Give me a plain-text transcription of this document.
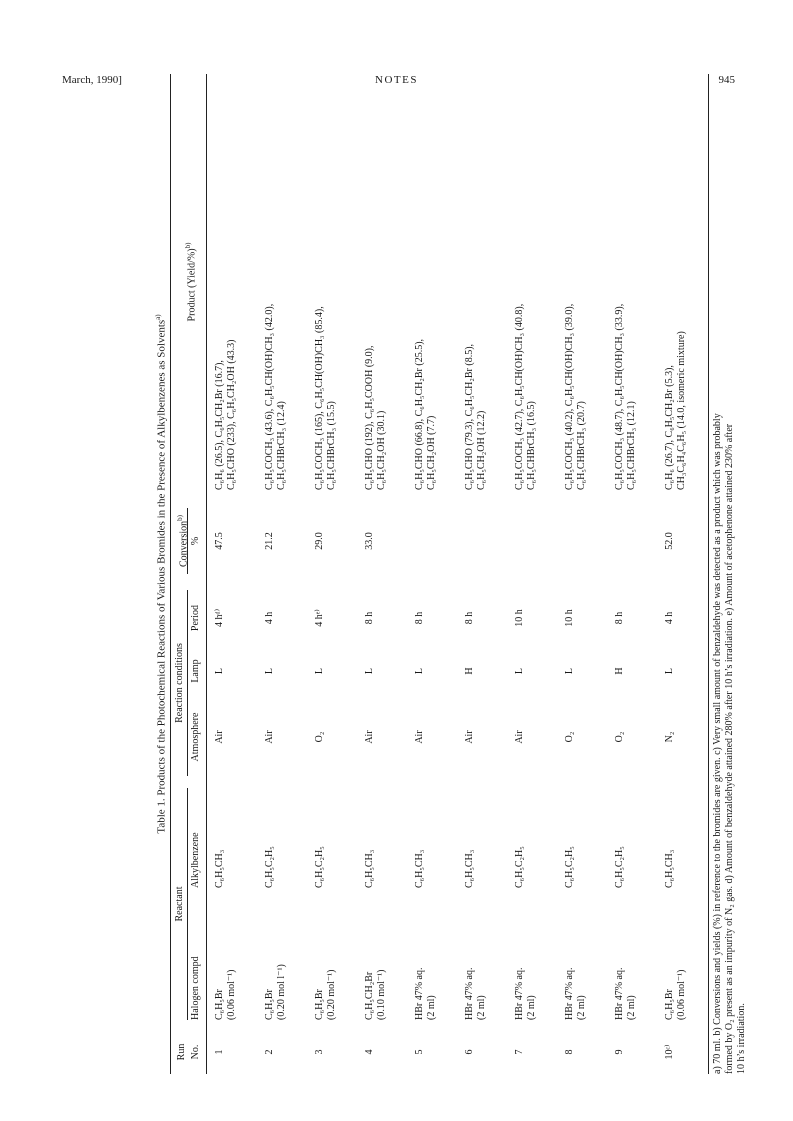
March, 1990]	NOTES	945
Table 1. Products of the Photochemical Reactions of Various Bromides in the Presence of Alkylbenzenes as Solvents$^{a)}$
Run No.
Reactant
Halogen compd
Alkylbenzene
Reaction conditions
Atmosphere
Lamp
Period
Conversion$^{b)}$
%
Product (Yield/%)$^{b)}$
1
C₆H₅Br (0.06 mol⁻¹)
C₆H₅CH₃
Air
L
4 hᵈ⁾
47.5
C₆H₆ (26.5), C₆H₅CH₂Br (16.7), C₆H₅CHO (233), C₆H₅CH₂OH (43.3)
2
C₆H₅Br (0.20 mol l⁻¹)
C₆H₅C₂H₅
Air
L
4 h
21.2
C₆H₅COCH₃ (43.6), C₆H₅CH(OH)CH₃ (42.0), C₆H₅CHBrCH₃ (12.4)
3
C₆H₅Br (0.20 mol⁻¹)
C₆H₅C₂H₅
O₂
L
4 hᵉ⁾
29.0
C₆H₅COCH₃ (165), C₆H₅CH(OH)CH₃ (85.4), C₆H₅CHBrCH₃ (15.5)
4
C₆H₅CH₂Br (0.10 mol⁻¹)
C₆H₅CH₃
Air
L
8 h
33.0
C₆H₅CHO (192), C₆H₅COOH (9.0), C₆H₅CH₂OH (30.1)
5
HBr 47% aq. (2 ml)
C₆H₅CH₃
Air
L
8 h
C₆H₅CHO (66.8), C₆H₅CH₂Br (25.5), C₆H₅CH₂OH (7.7)
6
HBr 47% aq. (2 ml)
C₆H₅CH₃
Air
H
8 h
C₆H₅CHO (79.3), C₆H₅CH₂Br (8.5), C₆H₅CH₂OH (12.2)
7
HBr 47% aq. (2 ml)
C₆H₅C₂H₅
Air
L
10 h
C₆H₅COCH₃ (42.7), C₆H₅CH(OH)CH₃ (40.8), C₆H₅CHBrCH₃ (16.5)
8
HBr 47% aq. (2 ml)
C₆H₅C₂H₅
O₂
L
10 h
C₆H₅COCH₃ (40.2), C₆H₅CH(OH)CH₃ (39.0), C₆H₅CHBrCH₃ (20.7)
9
HBr 47% aq. (2 ml)
C₆H₅C₂H₅
O₂
H
8 h
C₆H₅COCH₃ (48.7), C₆H₅CH(OH)CH₃ (33.9), C₆H₅CHBrCH₃ (12.1)
10ᶜ⁾
C₆H₅Br (0.06 mol⁻¹)
C₆H₅CH₃
N₂
L
4 h
52.0
C₆H₆ (26.7), C₆H₅CH₂Br (5.3), CH₃C₆H₄C₆H₅ (14.0, isomeric mixture)
a) 70 ml. b) Conversions and yields (%) in reference to the bromides are given. c) Very small amount of benzaldehyde was detected as a product which was probably formed by O₂ present as an impurity of N₂ gas. d) Amount of benzaldehyde attained 280% after 10 h’s irradiation. e) Amount of acetophenone attained 230% after 10 h’s irradiation.
